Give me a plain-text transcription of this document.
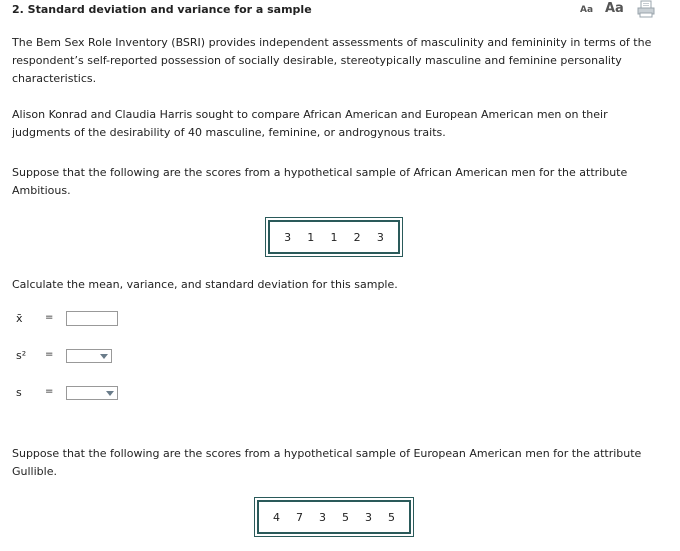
2. Standard deviation and variance for a sample	Aa Aa

The Bem Sex Role Inventory (BSRI) provides independent assessments of masculinity and femininity in terms of the respondent’s self-reported possession of socially desirable, stereotypically masculine and feminine personality characteristics.

Alison Konrad and Claudia Harris sought to compare African American and European American men on their judgments of the desirability of 40 masculine, feminine, or androgynous traits.

Suppose that the following are the scores from a hypothetical sample of African American men for the attribute Ambitious.

3 1 1 2 3

Calculate the mean, variance, and standard deviation for this sample.

x̄ =
s² =
s =

Suppose that the following are the scores from a hypothetical sample of European American men for the attribute Gullible.

4 7 3 5 3 5
